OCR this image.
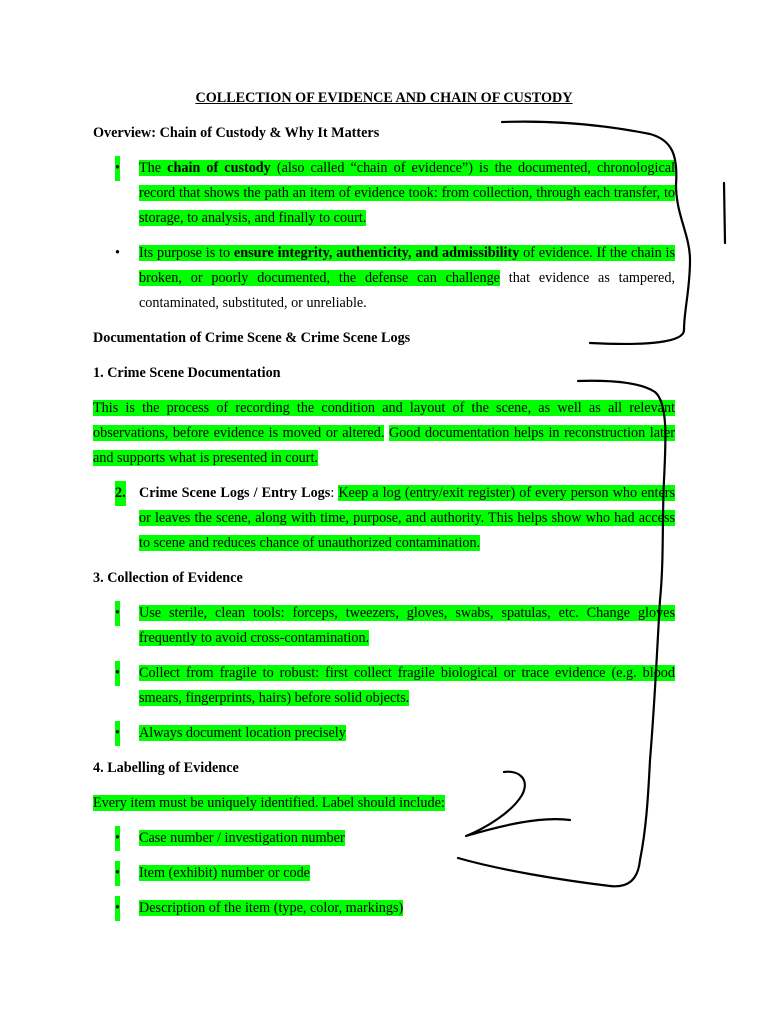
COLLECTION OF EVIDENCE AND CHAIN OF CUSTODY
Overview: Chain of Custody & Why It Matters
• The chain of custody (also called “chain of evidence”) is the documented, chronological record that shows the path an item of evidence took: from collection, through each transfer, to storage, to analysis, and finally to court.
• Its purpose is to ensure integrity, authenticity, and admissibility of evidence. If the chain is broken, or poorly documented, the defense can challenge that evidence as tampered, contaminated, substituted, or unreliable.
Documentation of Crime Scene & Crime Scene Logs
1. Crime Scene Documentation
This is the process of recording the condition and layout of the scene, as well as all relevant observations, before evidence is moved or altered. Good documentation helps in reconstruction later and supports what is presented in court.
2. Crime Scene Logs / Entry Logs: Keep a log (entry/exit register) of every person who enters or leaves the scene, along with time, purpose, and authority. This helps show who had access to scene and reduces chance of unauthorized contamination.
3. Collection of Evidence
• Use sterile, clean tools: forceps, tweezers, gloves, swabs, spatulas, etc. Change gloves frequently to avoid cross-contamination.
• Collect from fragile to robust: first collect fragile biological or trace evidence (e.g. blood smears, fingerprints, hairs) before solid objects.
• Always document location precisely
4. Labelling of Evidence
Every item must be uniquely identified. Label should include:
• Case number / investigation number
• Item (exhibit) number or code
• Description of the item (type, color, markings)
